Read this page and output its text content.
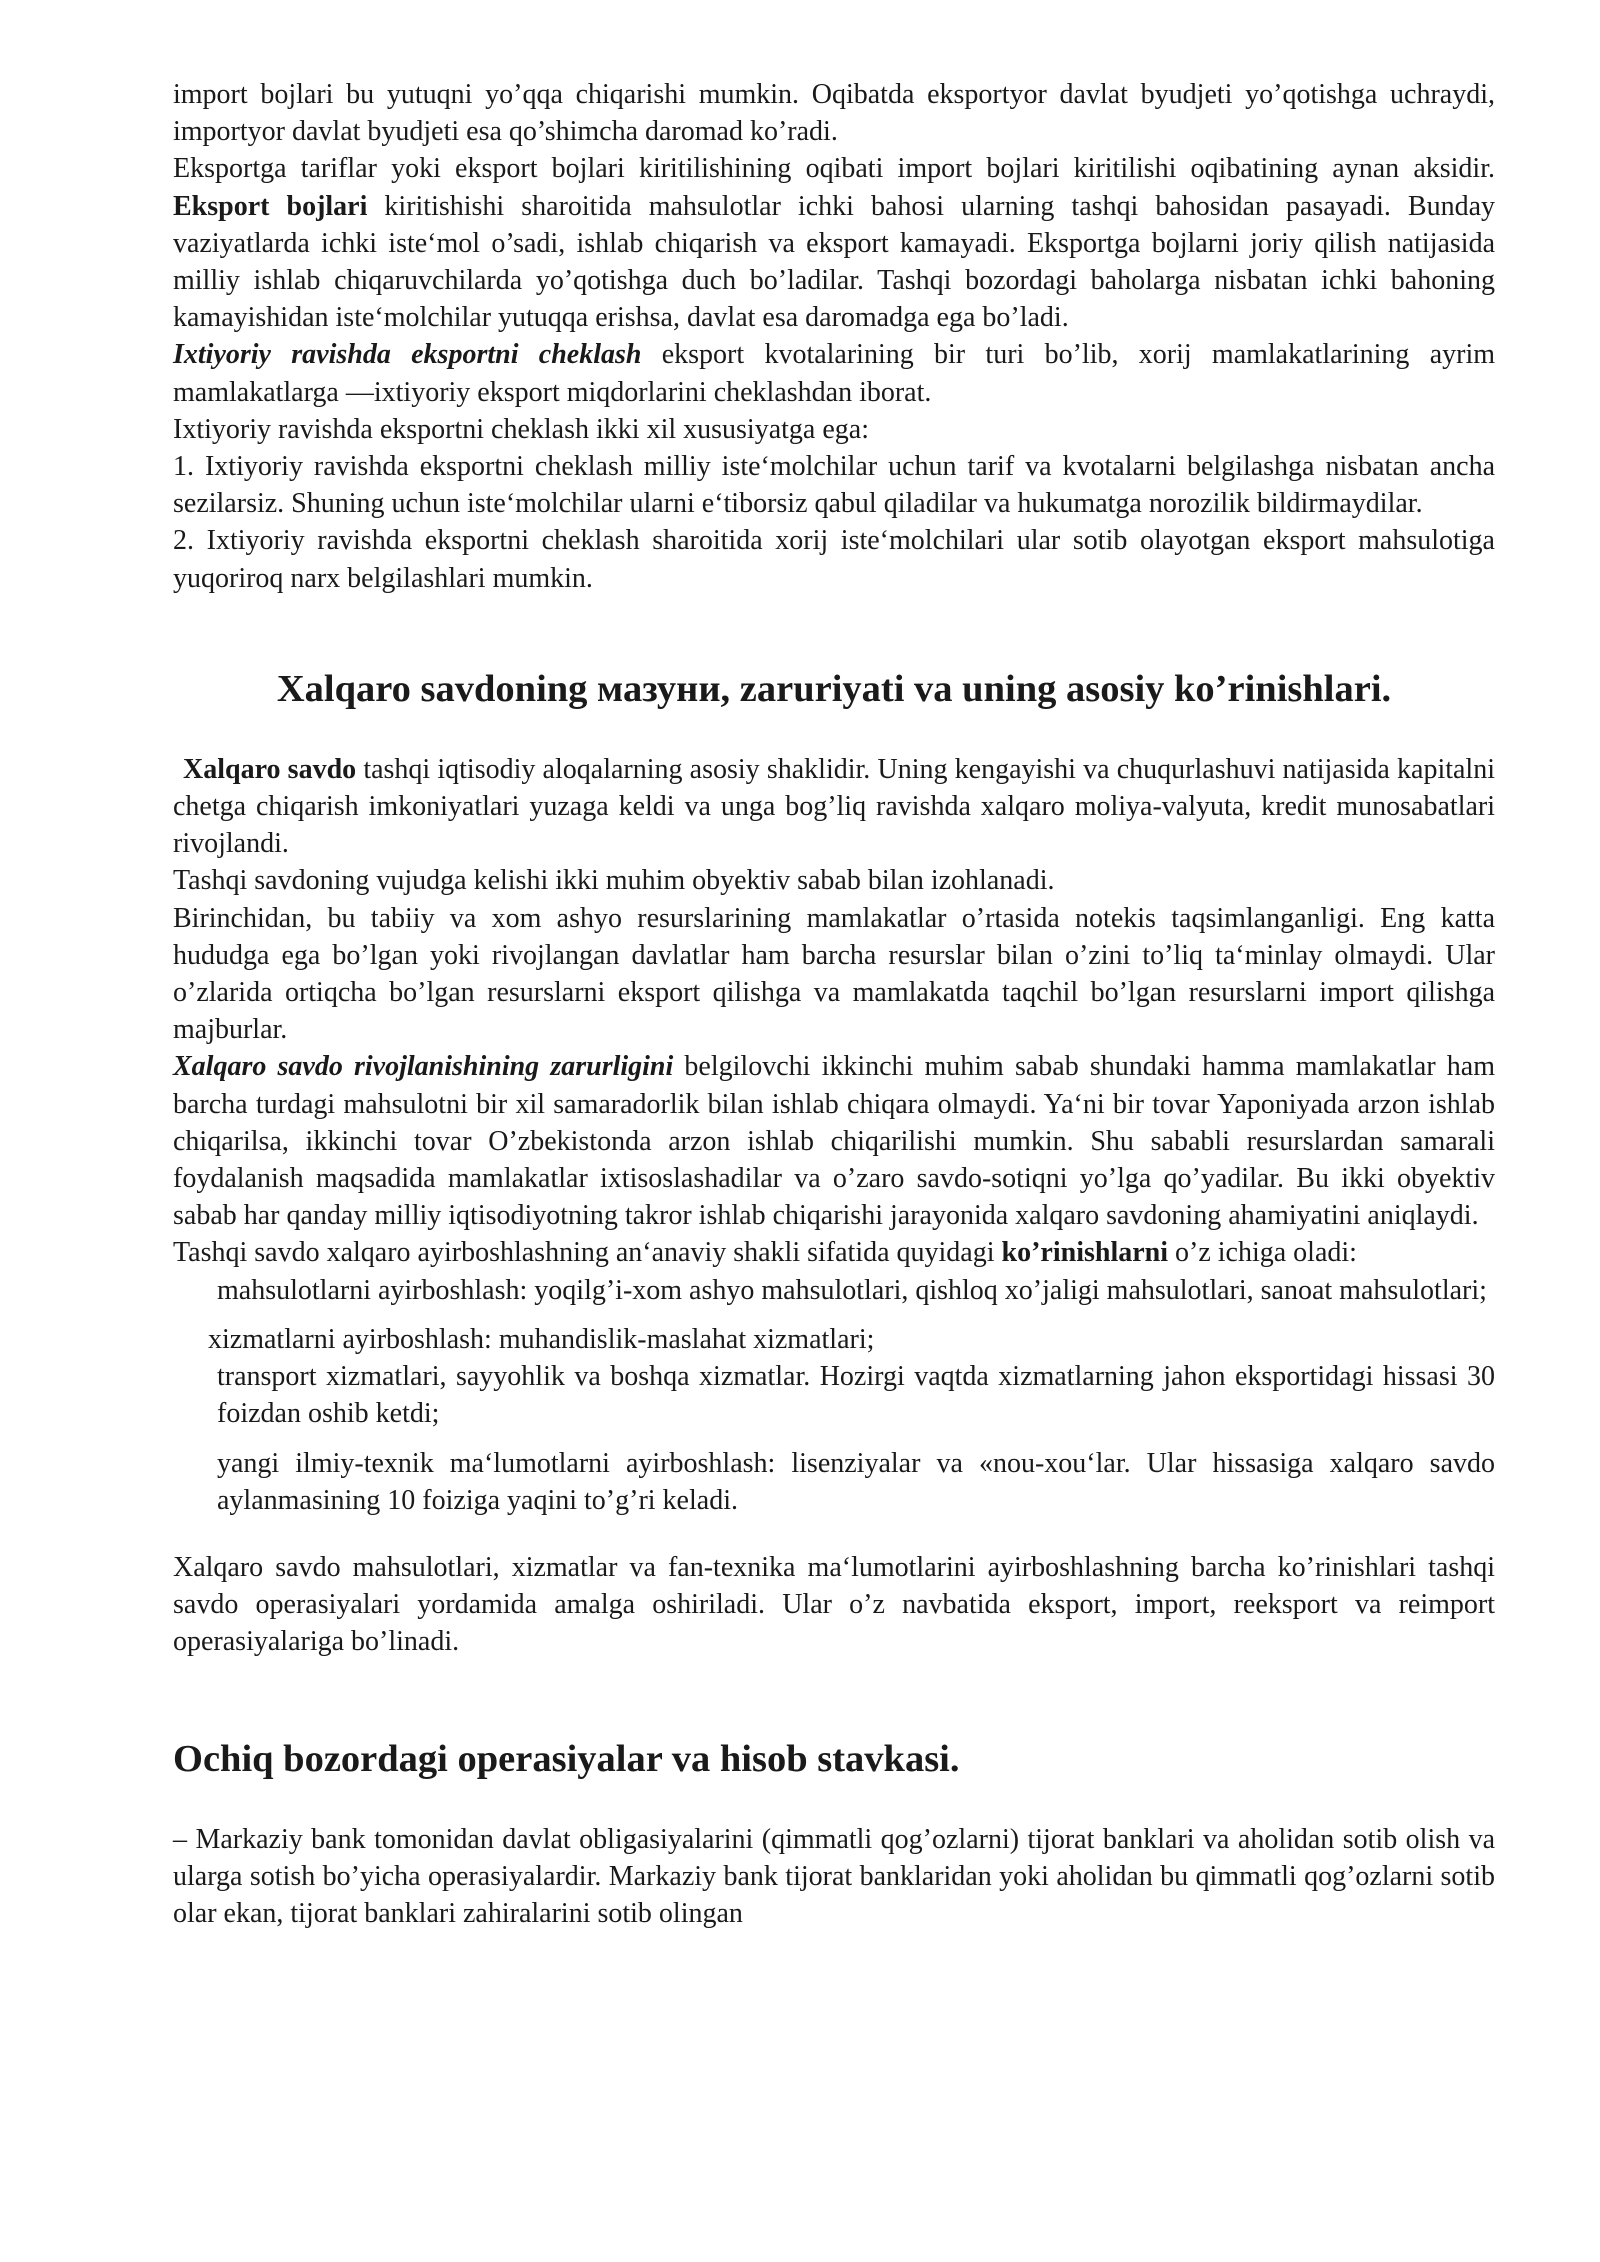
import bojlari bu yutuqni yo’qqa chiqarishi mumkin. Oqibatda eksportyor davlat byudjeti yo’qotishga uchraydi, importyor davlat byudjeti esa qo’shimcha daromad ko’radi.

Eksportga tariflar yoki eksport bojlari kiritilishining oqibati import bojlari kiritilishi oqibatining aynan aksidir. Eksport bojlari kiritishishi sharoitida mahsulotlar ichki bahosi ularning tashqi bahosidan pasayadi. Bunday vaziyatlarda ichki iste‘mol o’sadi, ishlab chiqarish va eksport kamayadi. Eksportga bojlarni joriy qilish natijasida milliy ishlab chiqaruvchilarda yo’qotishga duch bo’ladilar. Tashqi bozordagi baholarga nisbatan ichki bahoning kamayishidan iste‘molchilar yutuqqa erishsa, davlat esa daromadga ega bo’ladi.

Ixtiyoriy ravishda eksportni cheklash eksport kvotalarining bir turi bo’lib, xorij mamlakatlarining ayrim mamlakatlarga —ixtiyoriy eksport miqdorlarini cheklashdan iborat.

Ixtiyoriy ravishda eksportni cheklash ikki xil xususiyatga ega:

1. Ixtiyoriy ravishda eksportni cheklash milliy iste‘molchilar uchun tarif va kvotalarni belgilashga nisbatan ancha sezilarsiz. Shuning uchun iste‘molchilar ularni e‘tiborsiz qabul qiladilar va hukumatga norozilik bildirmaydilar.

2. Ixtiyoriy ravishda eksportni cheklash sharoitida xorij iste‘molchilari ular sotib olayotgan eksport mahsulotiga yuqoriroq narx belgilashlari mumkin.

Xalqaro savdoning мазуни, zaruriyati va uning asosiy ko’rinishlari.

Xalqaro savdo tashqi iqtisodiy aloqalarning asosiy shaklidir. Uning kengayishi va chuqurlashuvi natijasida kapitalni chetga chiqarish imkoniyatlari yuzaga keldi va unga bog’liq ravishda xalqaro moliya-valyuta, kredit munosabatlari rivojlandi.

Tashqi savdoning vujudga kelishi ikki muhim obyektiv sabab bilan izohlanadi.

Birinchidan, bu tabiiy va xom ashyo resurslarining mamlakatlar o’rtasida notekis taqsimlanganligi. Eng katta hududga ega bo’lgan yoki rivojlangan davlatlar ham barcha resurslar bilan o’zini to’liq ta‘minlay olmaydi. Ular o’zlarida ortiqcha bo’lgan resurslarni eksport qilishga va mamlakatda taqchil bo’lgan resurslarni import qilishga majburlar.

Xalqaro savdo rivojlanishining zarurligini belgilovchi ikkinchi muhim sabab shundaki hamma mamlakatlar ham barcha turdagi mahsulotni bir xil samaradorlik bilan ishlab chiqara olmaydi. Ya‘ni bir tovar Yaponiyada arzon ishlab chiqarilsa, ikkinchi tovar O’zbekistonda arzon ishlab chiqarilishi mumkin. Shu sababli resurslardan samarali foydalanish maqsadida mamlakatlar ixtisoslashadilar va o’zaro savdo-sotiqni yo’lga qo’yadilar. Bu ikki obyektiv sabab har qanday milliy iqtisodiyotning takror ishlab chiqarishi jarayonida xalqaro savdoning ahamiyatini aniqlaydi.

Tashqi savdo xalqaro ayirboshlashning an‘anaviy shakli sifatida quyidagi ko’rinishlarni o’z ichiga oladi:

mahsulotlarni ayirboshlash: yoqilg’i-xom ashyo mahsulotlari, qishloq xo’jaligi mahsulotlari, sanoat mahsulotlari;

xizmatlarni ayirboshlash: muhandislik-maslahat xizmatlari;

transport xizmatlari, sayyohlik va boshqa xizmatlar. Hozirgi vaqtda xizmatlarning jahon eksportidagi hissasi 30 foizdan oshib ketdi;

yangi ilmiy-texnik ma‘lumotlarni ayirboshlash: lisenziyalar va «nou-xou‘lar. Ular hissasiga xalqaro savdo aylanmasining 10 foiziga yaqini to’g’ri keladi.

Xalqaro savdo mahsulotlari, xizmatlar va fan-texnika ma‘lumotlarini ayirboshlashning barcha ko’rinishlari tashqi savdo operasiyalari yordamida amalga oshiriladi. Ular o’z navbatida eksport, import, reeksport va reimport operasiyalariga bo’linadi.

Ochiq bozordagi operasiyalar va hisob stavkasi.

– Markaziy bank tomonidan davlat obligasiyalarini (qimmatli qog’ozlarni) tijorat banklari va aholidan sotib olish va ularga sotish bo’yicha operasiyalardir. Markaziy bank tijorat banklaridan yoki aholidan bu qimmatli qog’ozlarni sotib olar ekan, tijorat banklari zahiralarini sotib olingan
